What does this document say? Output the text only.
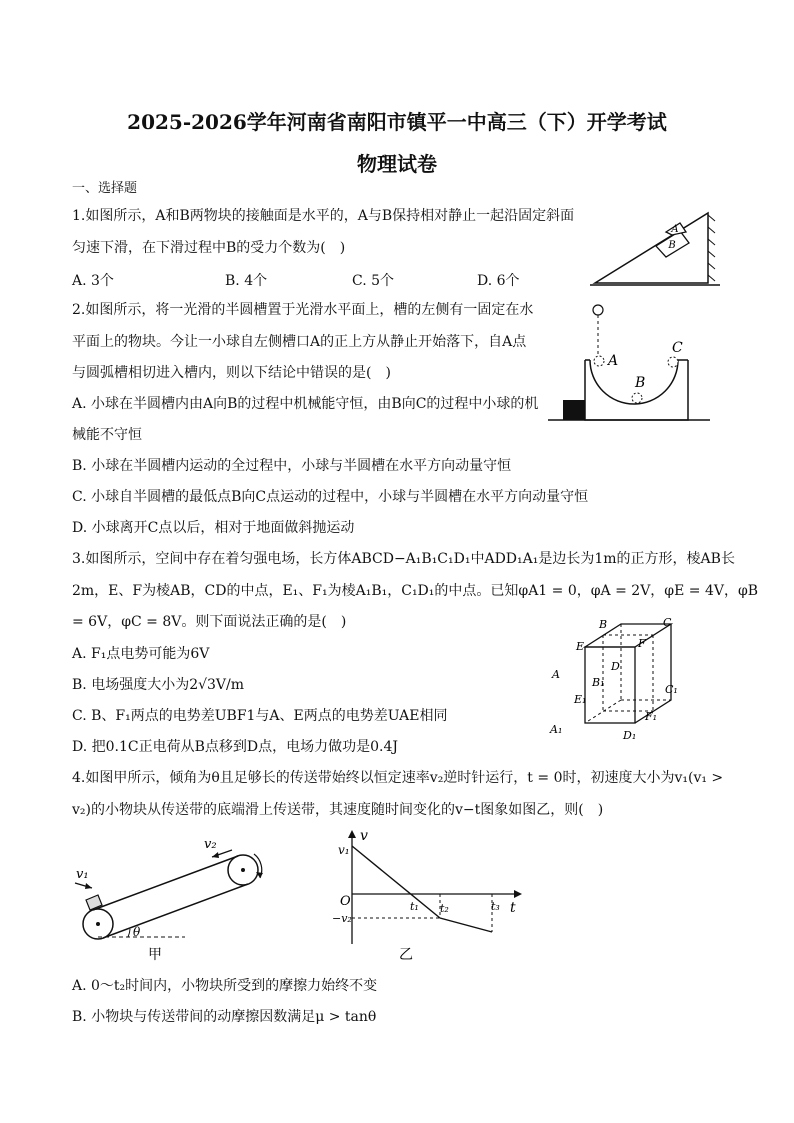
2025-2026学年河南省南阳市镇平一中高三（下）开学考试
物理试卷
一、选择题
1.如图所示，A和B两物块的接触面是水平的，A与B保持相对静止一起沿固定斜面
匀速下滑，在下滑过程中B的受力个数为(　)
A. 3个	B. 4个	C. 5个	D. 6个
A
B
2.如图所示，将一光滑的半圆槽置于光滑水平面上，槽的左侧有一固定在水
平面上的物块。今让一小球自左侧槽口A的正上方从静止开始落下，自A点
与圆弧槽相切进入槽内，则以下结论中错误的是(　)
A. 小球在半圆槽内由A向B的过程中机械能守恒，由B向C的过程中小球的机
械能不守恒
B. 小球在半圆槽内运动的全过程中，小球与半圆槽在水平方向动量守恒
C. 小球自半圆槽的最低点B向C点运动的过程中，小球与半圆槽在水平方向动量守恒
D. 小球离开C点以后，相对于地面做斜抛运动
A
B
C
3.如图所示，空间中存在着匀强电场，长方体ABCD−A₁B₁C₁D₁中ADD₁A₁是边长为1m的正方形，棱AB长
2m，E、F为棱AB，CD的中点，E₁、F₁为棱A₁B₁，C₁D₁的中点。已知φA1 = 0，φA = 2V，φE = 4V，φB
= 6V，φC = 8V。则下面说法正确的是(　)
A. F₁点电势可能为6V
B. 电场强度大小为2√3V/m
C. B、F₁两点的电势差UBF1与A、E两点的电势差UAE相同
D. 把0.1C正电荷从B点移到D点，电场力做功是0.4J
B	C
E	F
D
A
B₁
C₁
E₁
F₁
A₁	D₁
4.如图甲所示，倾角为θ且足够长的传送带始终以恒定速率v₂逆时针运行，t = 0时，初速度大小为v₁(v₁ >
v₂)的小物块从传送带的底端滑上传送带，其速度随时间变化的v−t图象如图乙，则(　)
v₁
v₂
θ
甲
v
v₁
O
−v₂
t
t₁ t₂	t₃
乙
A. 0～t₂时间内，小物块所受到的摩擦力始终不变
B. 小物块与传送带间的动摩擦因数满足μ > tanθ
